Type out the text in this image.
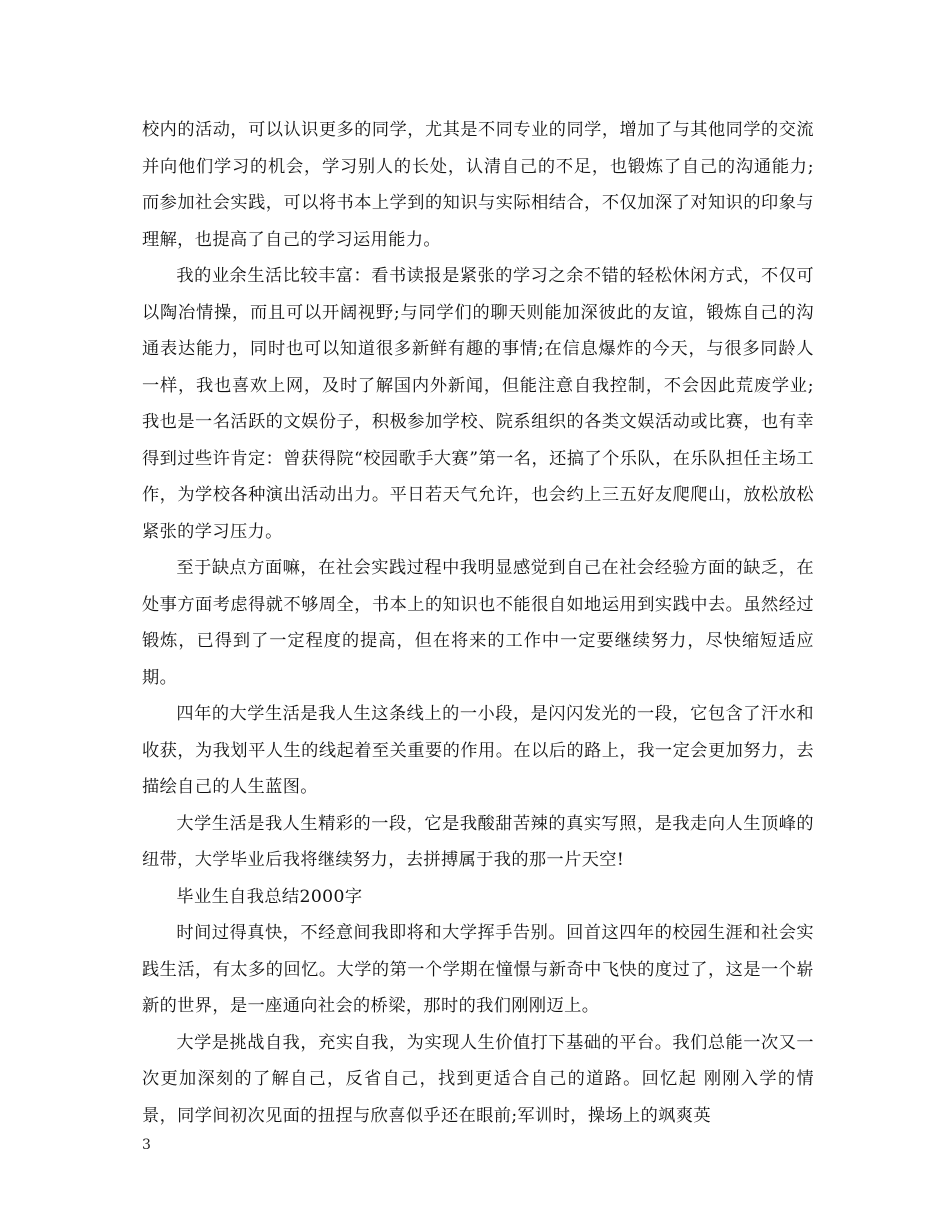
校内的活动，可以认识更多的同学，尤其是不同专业的同学，增加了与其他同学的交流并向他们学习的机会，学习别人的长处，认清自己的不足，也锻炼了自己的沟通能力;而参加社会实践，可以将书本上学到的知识与实际相结合，不仅加深了对知识的印象与理解，也提高了自己的学习运用能力。

我的业余生活比较丰富：看书读报是紧张的学习之余不错的轻松休闲方式，不仅可以陶冶情操，而且可以开阔视野;与同学们的聊天则能加深彼此的友谊，锻炼自己的沟通表达能力，同时也可以知道很多新鲜有趣的事情;在信息爆炸的今天，与很多同龄人一样，我也喜欢上网，及时了解国内外新闻，但能注意自我控制，不会因此荒废学业;我也是一名活跃的文娱份子，积极参加学校、院系组织的各类文娱活动或比赛，也有幸得到过些许肯定：曾获得院“校园歌手大赛”第一名，还搞了个乐队，在乐队担任主场工作，为学校各种演出活动出力。平日若天气允许，也会约上三五好友爬爬山，放松放松紧张的学习压力。

至于缺点方面嘛，在社会实践过程中我明显感觉到自己在社会经验方面的缺乏，在处事方面考虑得就不够周全，书本上的知识也不能很自如地运用到实践中去。虽然经过锻炼，已得到了一定程度的提高，但在将来的工作中一定要继续努力，尽快缩短适应期。

四年的大学生活是我人生这条线上的一小段，是闪闪发光的一段，它包含了汗水和收获，为我划平人生的线起着至关重要的作用。在以后的路上，我一定会更加努力，去描绘自己的人生蓝图。

大学生活是我人生精彩的一段，它是我酸甜苦辣的真实写照，是我走向人生顶峰的纽带，大学毕业后我将继续努力，去拼搏属于我的那一片天空!

毕业生自我总结2000字

时间过得真快，不经意间我即将和大学挥手告别。回首这四年的校园生涯和社会实践生活，有太多的回忆。大学的第一个学期在憧憬与新奇中飞快的度过了，这是一个崭新的世界，是一座通向社会的桥梁，那时的我们刚刚迈上。

大学是挑战自我，充实自我，为实现人生价值打下基础的平台。我们总能一次又一次更加深刻的了解自己，反省自己，找到更适合自己的道路。回忆起 刚刚入学的情景，同学间初次见面的扭捏与欣喜似乎还在眼前;军训时，操场上的飒爽英

3
